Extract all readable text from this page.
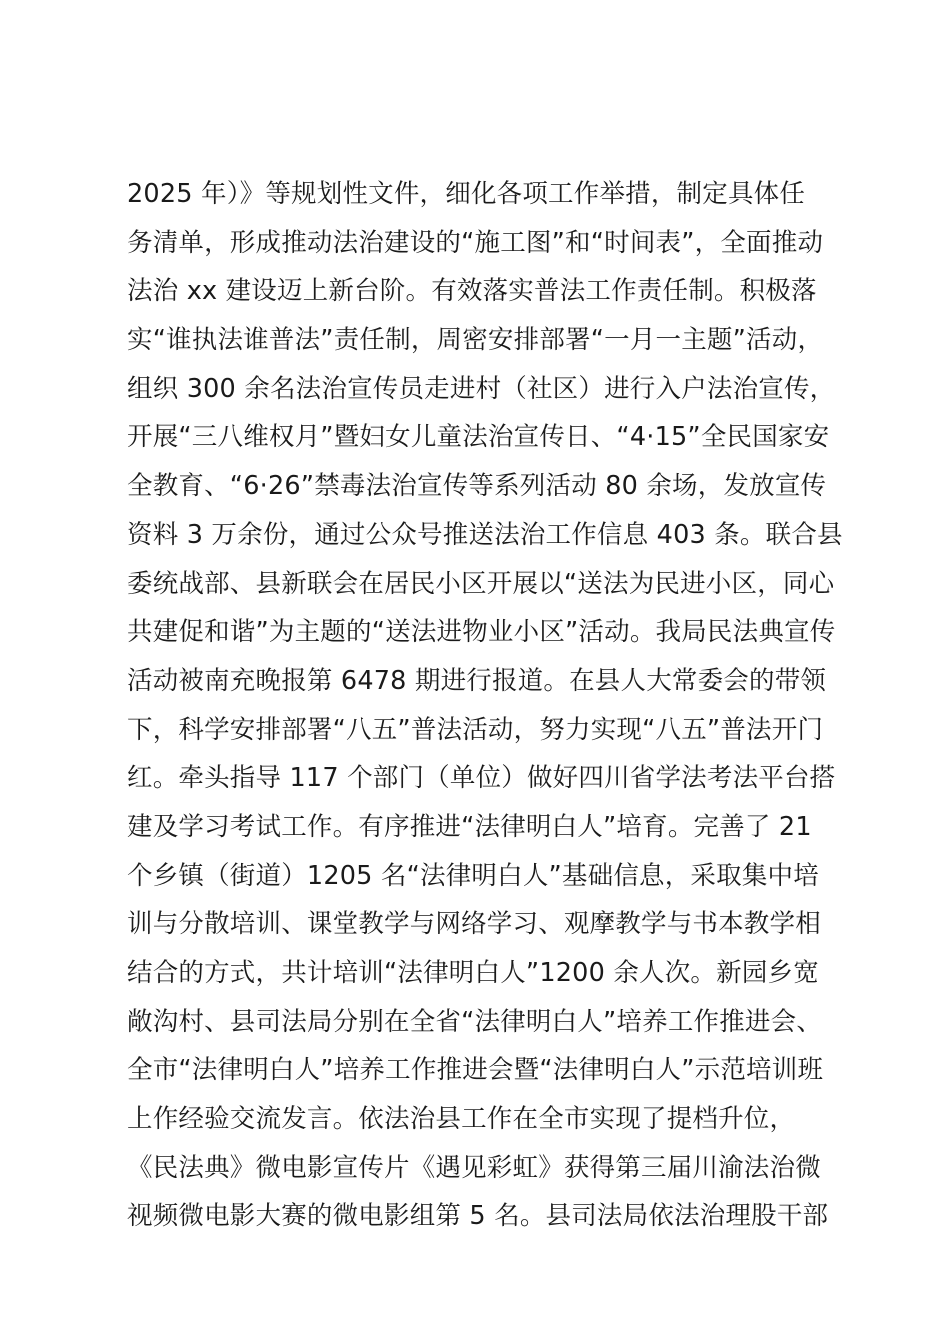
2025 年）》等规划性文件，细化各项工作举措，制定具体任
务清单，形成推动法治建设的“施工图”和“时间表”，全面推动
法治 xx 建设迈上新台阶。有效落实普法工作责任制。积极落
实“谁执法谁普法”责任制，周密安排部署“一月一主题”活动，
组织 300 余名法治宣传员走进村（社区）进行入户法治宣传，
开展“三八维权月”暨妇女儿童法治宣传日、“4·15”全民国家安
全教育、“6·26”禁毒法治宣传等系列活动 80 余场，发放宣传
资料 3 万余份，通过公众号推送法治工作信息 403 条。联合县
委统战部、县新联会在居民小区开展以“送法为民进小区，同心
共建促和谐”为主题的“送法进物业小区”活动。我局民法典宣传
活动被南充晚报第 6478 期进行报道。在县人大常委会的带领
下，科学安排部署“八五”普法活动，努力实现“八五”普法开门
红。牵头指导 117 个部门（单位）做好四川省学法考法平台搭
建及学习考试工作。有序推进“法律明白人”培育。完善了 21
个乡镇（街道）1205 名“法律明白人”基础信息，采取集中培
训与分散培训、课堂教学与网络学习、观摩教学与书本教学相
结合的方式，共计培训“法律明白人”1200 余人次。新园乡宽
敞沟村、县司法局分别在全省“法律明白人”培养工作推进会、
全市“法律明白人”培养工作推进会暨“法律明白人”示范培训班
上作经验交流发言。依法治县工作在全市实现了提档升位，
《民法典》微电影宣传片《遇见彩虹》获得第三届川渝法治微
视频微电影大赛的微电影组第 5 名。县司法局依法治理股干部
